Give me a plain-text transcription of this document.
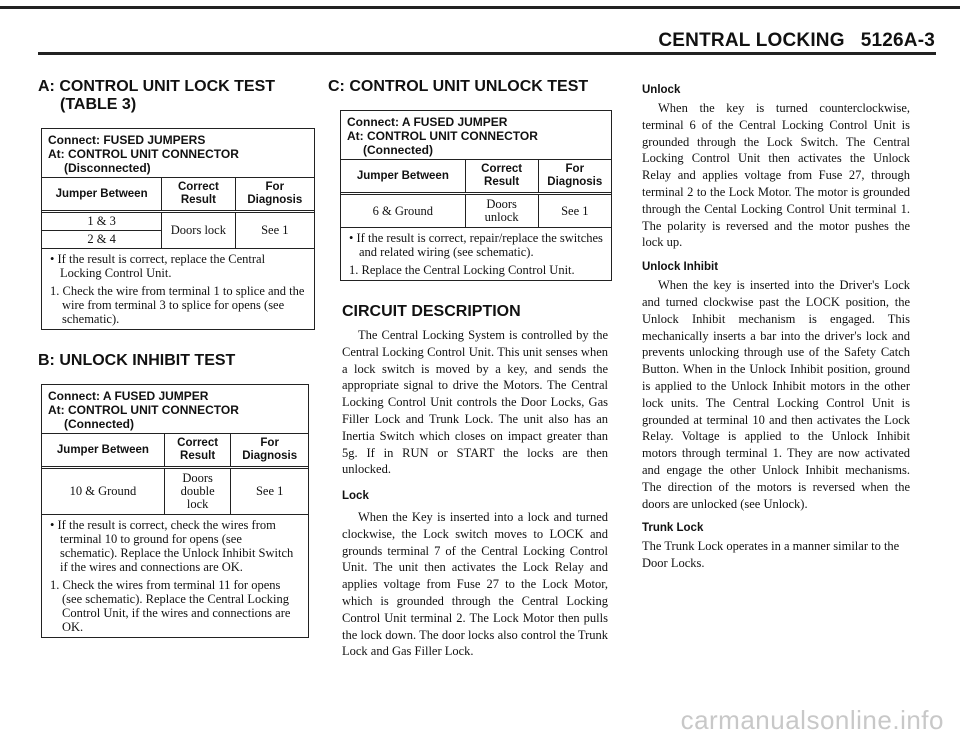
CENTRAL LOCKING 5126A-3
A: CONTROL UNIT LOCK TEST
(TABLE 3)
Connect: FUSED JUMPERS
At: CONTROL UNIT CONNECTOR
(Disconnected)
Jumper Between	Correct Result	For Diagnosis
1 & 3	Doors lock	See 1
2 & 4		
• If the result is correct, replace the Central Locking Control Unit.
1. Check the wire from terminal 1 to splice and the wire from terminal 3 to splice for opens (see schematic).
B: UNLOCK INHIBIT TEST
Connect: A FUSED JUMPER
At: CONTROL UNIT CONNECTOR
(Connected)
Jumper Between	Correct Result	For Diagnosis
10 & Ground	Doors double lock	See 1
• If the result is correct, check the wires from terminal 10 to ground for opens (see schematic). Replace the Unlock Inhibit Switch if the wires and connections are OK.
1. Check the wires from terminal 11 for opens (see schematic). Replace the Central Locking Control Unit, if the wires and connections are OK.
C: CONTROL UNIT UNLOCK TEST
Connect: A FUSED JUMPER
At: CONTROL UNIT CONNECTOR
(Connected)
Jumper Between	Correct Result	For Diagnosis
6 & Ground	Doors unlock	See 1
• If the result is correct, repair/replace the switches and related wiring (see schematic).
1. Replace the Central Locking Control Unit.
CIRCUIT DESCRIPTION

The Central Locking System is controlled by the Central Locking Control Unit. This unit senses when a lock switch is moved by a key, and sends the appropriate signal to drive the Motors. The Central Locking Control Unit controls the Door Locks, Gas Filler Lock and Trunk Lock. The unit also has an Inertia Switch which closes on impact greater than 5g. If in RUN or START the locks are then unlocked.

Lock

When the Key is inserted into a lock and turned clockwise, the Lock switch moves to LOCK and grounds terminal 7 of the Central Locking Control Unit. The unit then activates the Lock Relay and applies voltage from Fuse 27 to the Lock Motor, which is grounded through the Central Locking Control Unit terminal 2. The Lock Motor then pulls the lock down. The door locks also control the Trunk Lock and Gas Filler Lock.

Unlock

When the key is turned counterclockwise, terminal 6 of the Central Locking Control Unit is grounded through the Lock Switch. The Central Locking Control Unit then activates the Unlock Relay and applies voltage from Fuse 27, through terminal 2 to the Lock Motor. The motor is grounded through the Cental Locking Control Unit terminal 1. The polarity is reversed and the motor pushes the lock up.

Unlock Inhibit

When the key is inserted into the Driver's Lock and turned clockwise past the LOCK position, the Unlock Inhibit mechanism is engaged. This mechanically inserts a bar into the driver's lock and prevents unlocking through use of the Safety Catch Button. When in the Unlock Inhibit position, ground is applied to the Unlock Inhibit motors in the other lock units. The Central Locking Control Unit is grounded at terminal 10 and then activates the Lock Relay. Voltage is applied to the Unlock Inhibit motors through terminal 1. They are now activated and engage the other Unlock Inhibit mechanisms. The direction of the motors is reversed when the doors are unlocked (see Unlock).

Trunk Lock

The Trunk Lock operates in a manner similar to the Door Locks.

carmanualsonline.info
